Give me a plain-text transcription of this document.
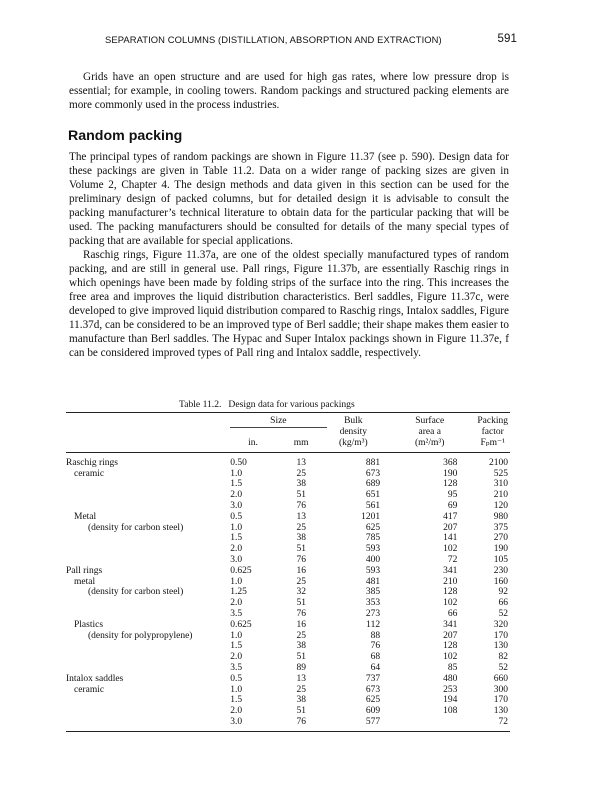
SEPARATION COLUMNS (DISTILLATION, ABSORPTION AND EXTRACTION)	591

Grids have an open structure and are used for high gas rates, where low pressure drop is essential; for example, in cooling towers. Random packings and structured packing elements are more commonly used in the process industries.

Random packing

The principal types of random packings are shown in Figure 11.37 (see p. 590). Design data for these packings are given in Table 11.2. Data on a wider range of packing sizes are given in Volume 2, Chapter 4. The design methods and data given in this section can be used for the preliminary design of packed columns, but for detailed design it is advisable to consult the packing manufacturer’s technical literature to obtain data for the particular packing that will be used. The packing manufacturers should be consulted for details of the many special types of packing that are available for special applications.

Raschig rings, Figure 11.37a, are one of the oldest specially manufactured types of random packing, and are still in general use. Pall rings, Figure 11.37b, are essentially Raschig rings in which openings have been made by folding strips of the surface into the ring. This increases the free area and improves the liquid distribution characteristics. Berl saddles, Figure 11.37c, were developed to give improved liquid distribution compared to Raschig rings, Intalox saddles, Figure 11.37d, can be considered to be an improved type of Berl saddle; their shape makes them easier to manufacture than Berl saddles. The Hypac and Super Intalox packings shown in Figure 11.37e, f can be considered improved types of Pall ring and Intalox saddle, respectively.

Table 11.2. Design data for various packings
	Size		Bulk	Surface	Packing
			density	area a	factor
	in.	mm	(kg/m³)	(m²/m³)	Fₚm⁻¹
Raschig rings	0.50	13	881	368	2100
ceramic	1.0	25	673	190	525
	1.5	38	689	128	310
	2.0	51	651	95	210
	3.0	76	561	69	120
Metal	0.5	13	1201	417	980
(density for carbon steel)	1.0	25	625	207	375
	1.5	38	785	141	270
	2.0	51	593	102	190
	3.0	76	400	72	105
Pall rings	0.625	16	593	341	230
metal	1.0	25	481	210	160
(density for carbon steel)	1.25	32	385	128	92
	2.0	51	353	102	66
	3.5	76	273	66	52
Plastics	0.625	16	112	341	320
(density for polypropylene)	1.0	25	88	207	170
	1.5	38	76	128	130
	2.0	51	68	102	82
	3.5	89	64	85	52
Intalox saddles	0.5	13	737	480	660
ceramic	1.0	25	673	253	300
	1.5	38	625	194	170
	2.0	51	609	108	130
	3.0	76	577		72
